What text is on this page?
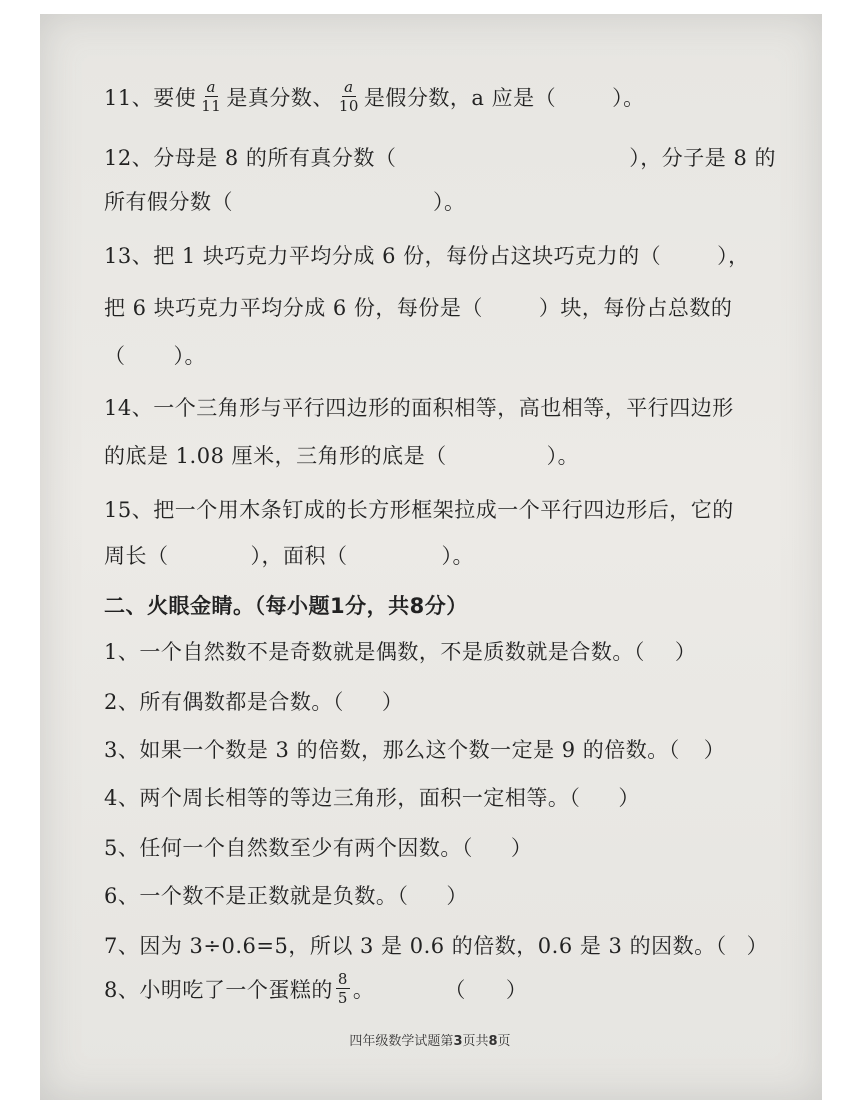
11、要使 $\frac{a}{11}$ 是真分数、 $\frac{a}{10}$ 是假分数，a 应是（	）。
12、分母是 8 的所有真分数（	），分子是 8 的
所有假分数（	）。
13、把 1 块巧克力平均分成 6 份，每份占这块巧克力的（	），
把 6 块巧克力平均分成 6 份，每份是（	）块，每份占总数的
（ ）。
14、一个三角形与平行四边形的面积相等，高也相等，平行四边形
的底是 1.08 厘米，三角形的底是（	）。
15、把一个用木条钉成的长方形框架拉成一个平行四边形后，它的
周长（	），面积（	）。
二、火眼金睛。（每小题1分，共8分）
1、一个自然数不是奇数就是偶数，不是质数就是合数。（ ）
2、所有偶数都是合数。（ ）
3、如果一个数是 3 的倍数，那么这个数一定是 9 的倍数。（ ）
4、两个周长相等的等边三角形，面积一定相等。（ ）
5、任何一个自然数至少有两个因数。（ ）
6、一个数不是正数就是负数。（ ）
7、因为 3÷0.6=5，所以 3 是 0.6 的倍数，0.6 是 3 的因数。（ ）
8、小明吃了一个蛋糕的 $\frac{8}{5}$ 。	（ ）
四年级数学试题第3页共8页
